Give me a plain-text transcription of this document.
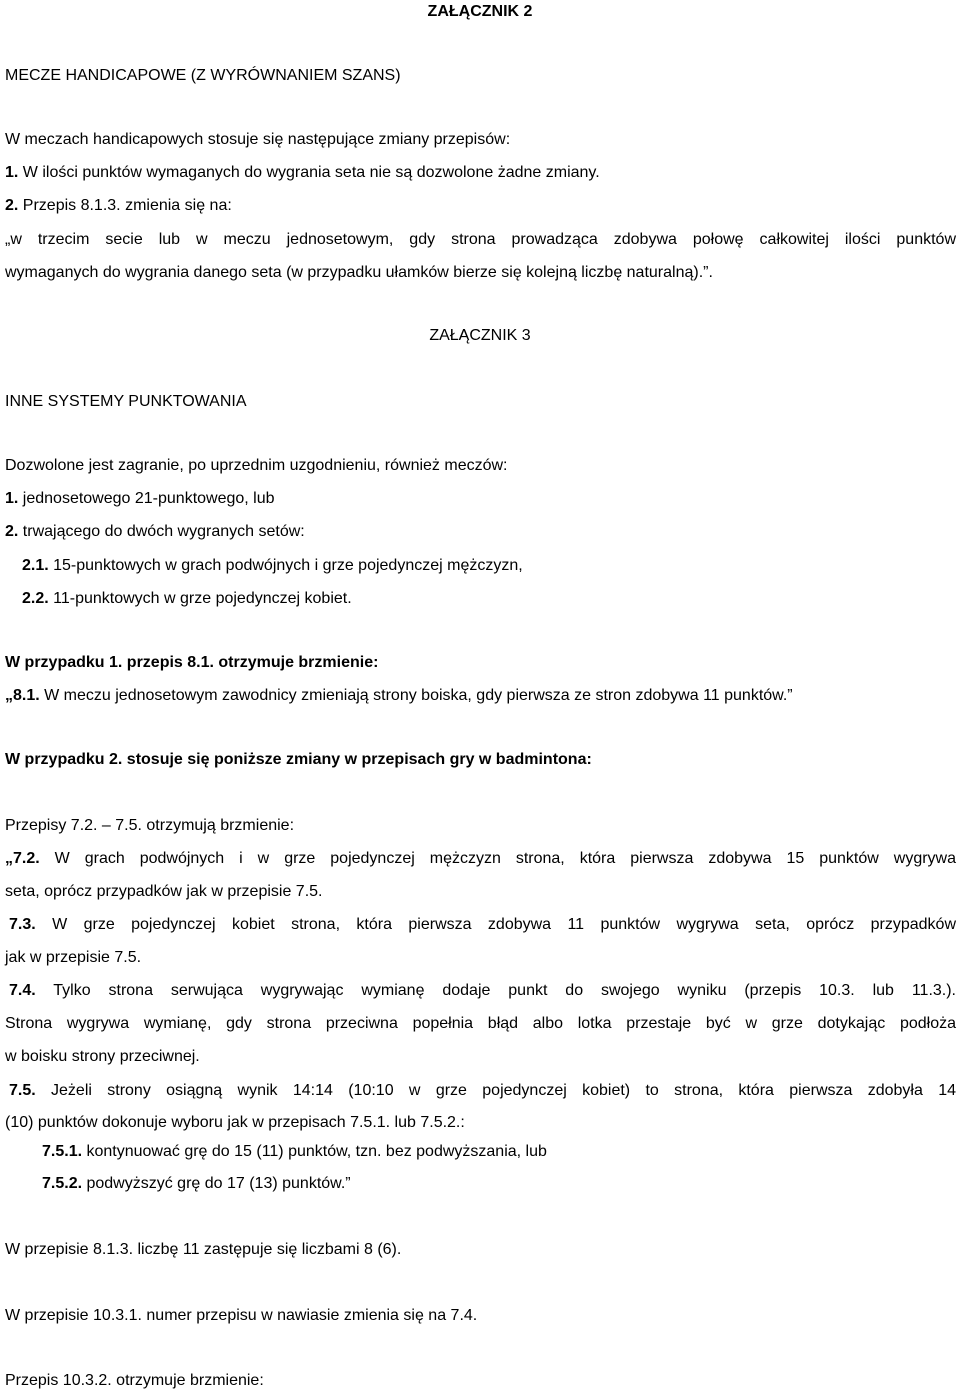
ZAŁĄCZNIK 2
MECZE HANDICAPOWE (Z WYRÓWNANIEM SZANS)
W meczach handicapowych stosuje się następujące zmiany przepisów:
1. W ilości punktów wymaganych do wygrania seta nie są dozwolone żadne zmiany.
2. Przepis 8.1.3. zmienia się na:
„w trzecim secie lub w meczu jednosetowym, gdy strona prowadząca zdobywa połowę całkowitej ilości punktów
wymaganych do wygrania danego seta (w przypadku ułamków bierze się kolejną liczbę naturalną).”.
ZAŁĄCZNIK 3
INNE SYSTEMY PUNKTOWANIA
Dozwolone jest zagranie, po uprzednim uzgodnieniu, również meczów:
1. jednosetowego 21-punktowego, lub
2. trwającego do dwóch wygranych setów:
2.1. 15-punktowych w grach podwójnych i grze pojedynczej mężczyzn,
2.2. 11-punktowych w grze pojedynczej kobiet.
W przypadku 1. przepis 8.1. otrzymuje brzmienie:
„8.1. W meczu jednosetowym zawodnicy zmieniają strony boiska, gdy pierwsza ze stron zdobywa 11 punktów.”
W przypadku 2. stosuje się poniższe zmiany w przepisach gry w badmintona:
Przepisy 7.2. – 7.5. otrzymują brzmienie:
„7.2. W grach podwójnych i w grze pojedynczej mężczyzn strona, która pierwsza zdobywa 15 punktów wygrywa
seta, oprócz przypadków jak w przepisie 7.5.
7.3. W grze pojedynczej kobiet strona, która pierwsza zdobywa 11 punktów wygrywa seta, oprócz przypadków
jak w przepisie 7.5.
7.4. Tylko strona serwująca wygrywając wymianę dodaje punkt do swojego wyniku (przepis 10.3. lub 11.3.).
Strona wygrywa wymianę, gdy strona przeciwna popełnia błąd albo lotka przestaje być w grze dotykając podłoża
w boisku strony przeciwnej.
7.5. Jeżeli strony osiągną wynik 14:14 (10:10 w grze pojedynczej kobiet) to strona, która pierwsza zdobyła 14
(10) punktów dokonuje wyboru jak w przepisach 7.5.1. lub 7.5.2.:
7.5.1. kontynuować grę do 15 (11) punktów, tzn. bez podwyższania, lub
7.5.2. podwyższyć grę do 17 (13) punktów.”
W przepisie 8.1.3. liczbę 11 zastępuje się liczbami 8 (6).
W przepisie 10.3.1. numer przepisu w nawiasie zmienia się na 7.4.
Przepis 10.3.2. otrzymuje brzmienie:
